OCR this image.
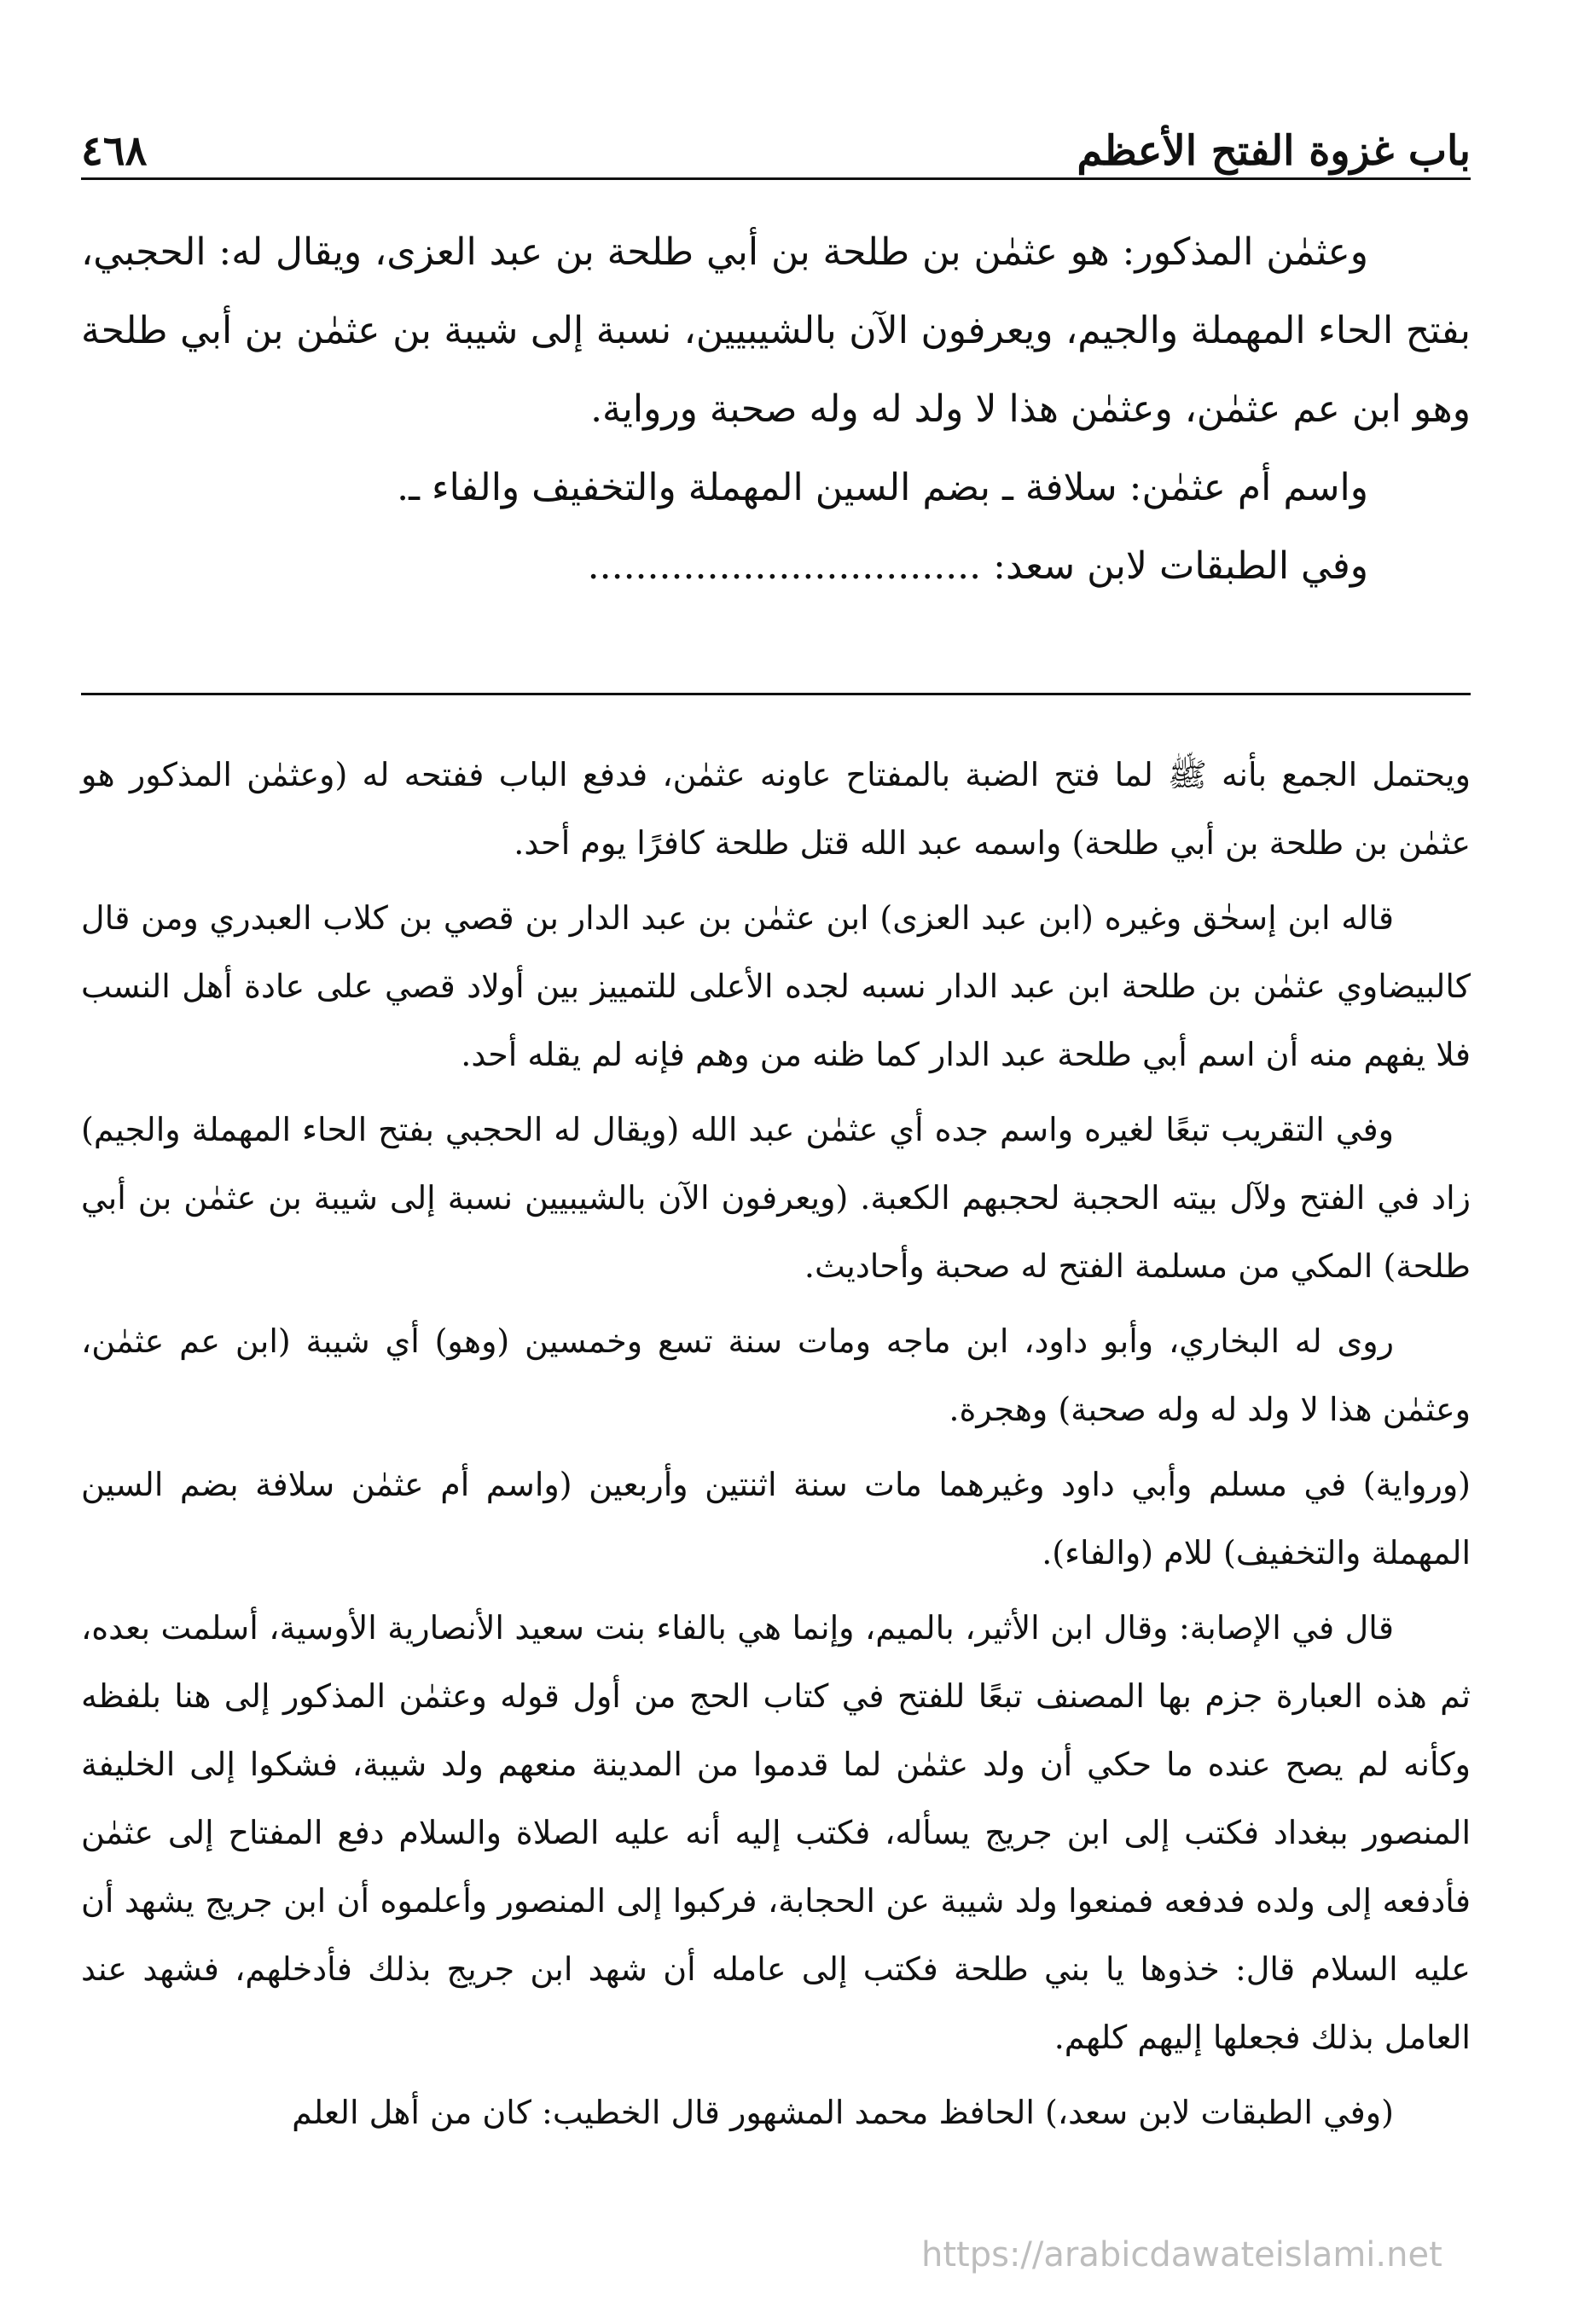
باب غزوة الفتح الأعظم
٤٦٨

وعثمٰن المذكور: هو عثمٰن بن طلحة بن أبي طلحة بن عبد العزى، ويقال له: الحجبي، بفتح الحاء المهملة والجيم، ويعرفون الآن بالشيبيين، نسبة إلى شيبة بن عثمٰن بن أبي طلحة وهو ابن عم عثمٰن، وعثمٰن هذا لا ولد له وله صحبة ورواية.

واسم أم عثمٰن: سلافة ـ بضم السين المهملة والتخفيف والفاء ـ.

وفي الطبقات لابن سعد: .................................

ويحتمل الجمع بأنه ﷺ لما فتح الضبة بالمفتاح عاونه عثمٰن، فدفع الباب ففتحه له (وعثمٰن المذكور هو عثمٰن بن طلحة بن أبي طلحة) واسمه عبد الله قتل طلحة كافرًا يوم أحد.

قاله ابن إسحٰق وغيره (ابن عبد العزى) ابن عثمٰن بن عبد الدار بن قصي بن كلاب العبدري ومن قال كالبيضاوي عثمٰن بن طلحة ابن عبد الدار نسبه لجده الأعلى للتمييز بين أولاد قصي على عادة أهل النسب فلا يفهم منه أن اسم أبي طلحة عبد الدار كما ظنه من وهم فإنه لم يقله أحد.

وفي التقريب تبعًا لغيره واسم جده أي عثمٰن عبد الله (ويقال له الحجبي بفتح الحاء المهملة والجيم) زاد في الفتح ولآل بيته الحجبة لحجبهم الكعبة. (ويعرفون الآن بالشيبيين نسبة إلى شيبة بن عثمٰن بن أبي طلحة) المكي من مسلمة الفتح له صحبة وأحاديث.

روى له البخاري، وأبو داود، ابن ماجه ومات سنة تسع وخمسين (وهو) أي شيبة (ابن عم عثمٰن، وعثمٰن هذا لا ولد له وله صحبة) وهجرة.

(ورواية) في مسلم وأبي داود وغيرهما مات سنة اثنتين وأربعين (واسم أم عثمٰن سلافة بضم السين المهملة والتخفيف) للام (والفاء).

قال في الإصابة: وقال ابن الأثير، بالميم، وإنما هي بالفاء بنت سعيد الأنصارية الأوسية، أسلمت بعده، ثم هذه العبارة جزم بها المصنف تبعًا للفتح في كتاب الحج من أول قوله وعثمٰن المذكور إلى هنا بلفظه وكأنه لم يصح عنده ما حكي أن ولد عثمٰن لما قدموا من المدينة منعهم ولد شيبة، فشكوا إلى الخليفة المنصور ببغداد فكتب إلى ابن جريج يسأله، فكتب إليه أنه عليه الصلاة والسلام دفع المفتاح إلى عثمٰن فأدفعه إلى ولده فدفعه فمنعوا ولد شيبة عن الحجابة، فركبوا إلى المنصور وأعلموه أن ابن جريج يشهد أن عليه السلام قال: خذوها يا بني طلحة فكتب إلى عامله أن شهد ابن جريج بذلك فأدخلهم، فشهد عند العامل بذلك فجعلها إليهم كلهم.

(وفي الطبقات لابن سعد،) الحافظ محمد المشهور قال الخطيب: كان من أهل العلم

https://arabicdawateislami.net
